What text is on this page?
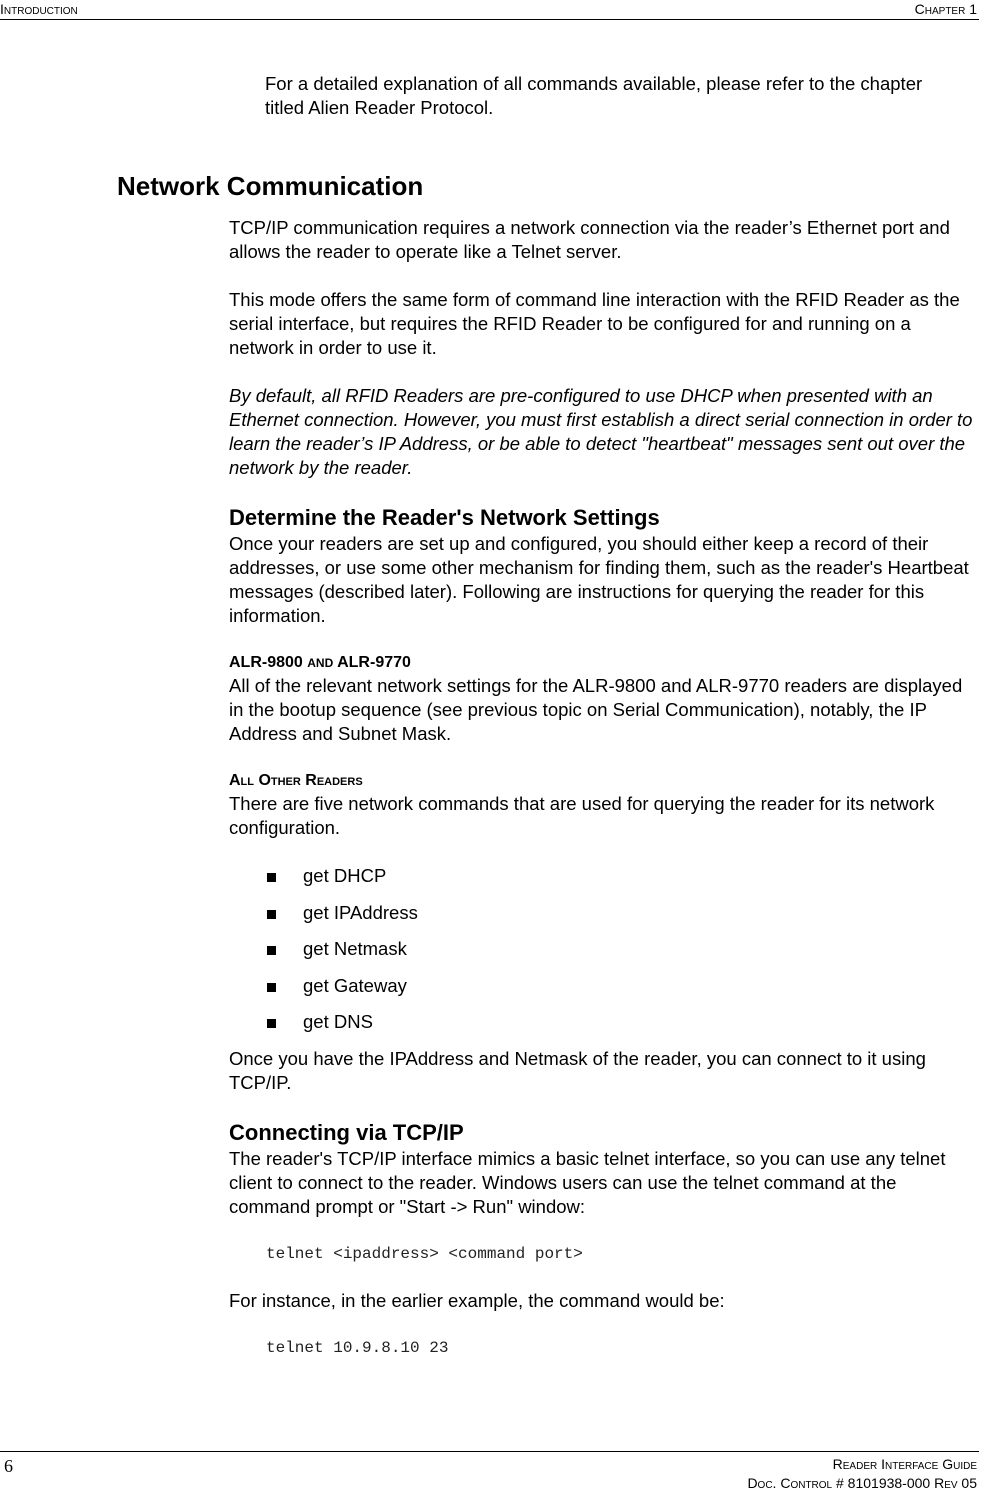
Introduction	Chapter 1

For a detailed explanation of all commands available, please refer to the chapter titled Alien Reader Protocol.

Network Communication

TCP/IP communication requires a network connection via the reader’s Ethernet port and allows the reader to operate like a Telnet server.

This mode offers the same form of command line interaction with the RFID Reader as the serial interface, but requires the RFID Reader to be configured for and running on a network in order to use it.

By default, all RFID Readers are pre-configured to use DHCP when presented with an Ethernet connection. However, you must first establish a direct serial connection in order to learn the reader’s IP Address, or be able to detect "heartbeat" messages sent out over the network by the reader.

Determine the Reader's Network Settings

Once your readers are set up and configured, you should either keep a record of their addresses, or use some other mechanism for finding them, such as the reader's Heartbeat messages (described later). Following are instructions for querying the reader for this information.

ALR-9800 AND ALR-9770

All of the relevant network settings for the ALR-9800 and ALR-9770 readers are displayed in the bootup sequence (see previous topic on Serial Communication), notably, the IP Address and Subnet Mask.

All Other Readers

There are five network commands that are used for querying the reader for its network configuration.

get DHCP
get IPAddress
get Netmask
get Gateway
get DNS

Once you have the IPAddress and Netmask of the reader, you can connect to it using TCP/IP.

Connecting via TCP/IP

The reader's TCP/IP interface mimics a basic telnet interface, so you can use any telnet client to connect to the reader. Windows users can use the telnet command at the command prompt or "Start -> Run" window:

telnet <ipaddress> <command port>

For instance, in the earlier example, the command would be:

telnet 10.9.8.10 23
6	Reader Interface Guide
Doc. Control # 8101938-000 Rev 05
